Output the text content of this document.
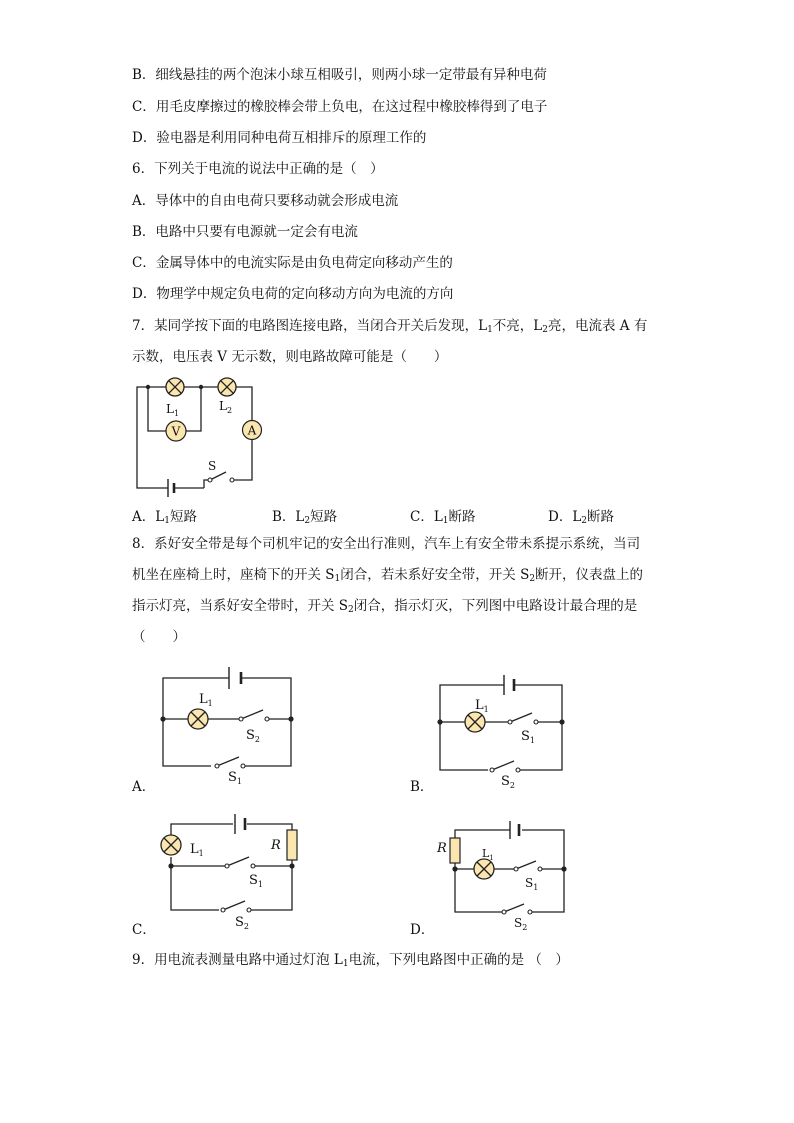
B．细线悬挂的两个泡沫小球互相吸引，则两小球一定带最有异种电荷
C．用毛皮摩擦过的橡胶棒会带上负电，在这过程中橡胶棒得到了电子
D．验电器是利用同种电荷互相排斥的原理工作的
6．下列关于电流的说法中正确的是（　）
A．导体中的自由电荷只要移动就会形成电流
B．电路中只要有电源就一定会有电流
C．金属导体中的电流实际是由负电荷定向移动产生的
D．物理学中规定负电荷的定向移动方向为电流的方向
7．某同学按下面的电路图连接电路，当闭合开关后发现，$L_1$不亮，$L_2$亮，电流表 A 有
示数，电压表 V 无示数，则电路故障可能是（　　）
$L_1$
$L_2$
V	A
S
A．$L_1$短路	B．$L_2$短路	C．$L_1$断路	D．$L_2$断路
8．系好安全带是每个司机牢记的安全出行准则，汽车上有安全带未系提示系统，当司
机坐在座椅上时，座椅下的开关 $S_1$闭合，若未系好安全带，开关 $S_2$断开，仪表盘上的
指示灯亮，当系好安全带时，开关 $S_2$闭合，指示灯灭，下列图中电路设计最合理的是
（　　）
$L_1$
$S_2$
$S_1$
A．
$L_1$
$S_1$
$S_2$
B．
$L_1$
R
$S_1$
$S_2$
C．
R	$L_1$
$S_1$
$S_2$
D．
9．用电流表测量电路中通过灯泡 $L_1$电流，下列电路图中正确的是 （　）
